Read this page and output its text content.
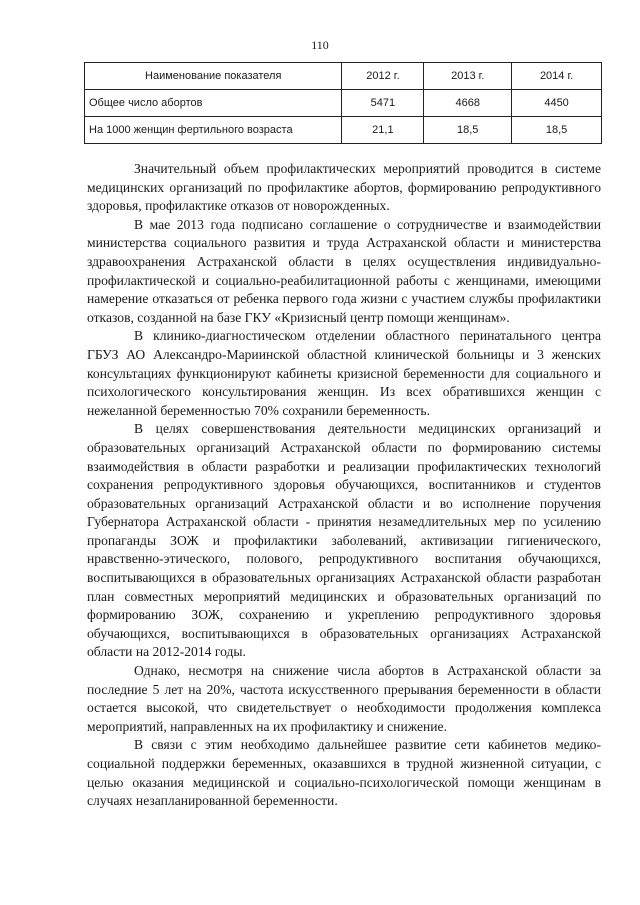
110
Наименование показателя	2012 г.	2013 г.	2014 г.
Общее число абортов	5471	4668	4450
На 1000 женщин фертильного возраста	21,1	18,5	18,5

Значительный объем профилактических мероприятий проводится в системе медицинских организаций по профилактике абортов, формированию репродуктивного здоровья, профилактике отказов от новорожденных.

В мае 2013 года подписано соглашение о сотрудничестве и взаимодействии министерства социального развития и труда Астраханской области и министерства здравоохранения Астраханской области в целях осуществления индивидуально-профилактической и социально-реабилитационной работы с женщинами, имеющими намерение отказаться от ребенка первого года жизни с участием службы профилактики отказов, созданной на базе ГКУ «Кризисный центр помощи женщинам».

В клинико-диагностическом отделении областного перинатального центра ГБУЗ АО Александро-Мариинской областной клинической больницы и 3 женских консультациях функционируют кабинеты кризисной беременности для социального и психологического консультирования женщин. Из всех обратившихся женщин с нежеланной беременностью 70% сохранили беременность.

В целях совершенствования деятельности медицинских организаций и образовательных организаций Астраханской области по формированию системы взаимодействия в области разработки и реализации профилактических технологий сохранения репродуктивного здоровья обучающихся, воспитанников и студентов образовательных организаций Астраханской области и во исполнение поручения Губернатора Астраханской области - принятия незамедлительных мер по усилению пропаганды ЗОЖ и профилактики заболеваний, активизации гигиенического, нравственно-этического, полового, репродуктивного воспитания обучающихся, воспитывающихся в образовательных организациях Астраханской области разработан план совместных мероприятий медицинских и образовательных организаций по формированию ЗОЖ, сохранению и укреплению репродуктивного здоровья обучающихся, воспитывающихся в образовательных организациях Астраханской области на 2012-2014 годы.

Однако, несмотря на снижение числа абортов в Астраханской области за последние 5 лет на 20%, частота искусственного прерывания беременности в области остается высокой, что свидетельствует о необходимости продолжения комплекса мероприятий, направленных на их профилактику и снижение.

В связи с этим необходимо дальнейшее развитие сети кабинетов медико-социальной поддержки беременных, оказавшихся в трудной жизненной ситуации, с целью оказания медицинской и социально-психологической помощи женщинам в случаях незапланированной беременности.
